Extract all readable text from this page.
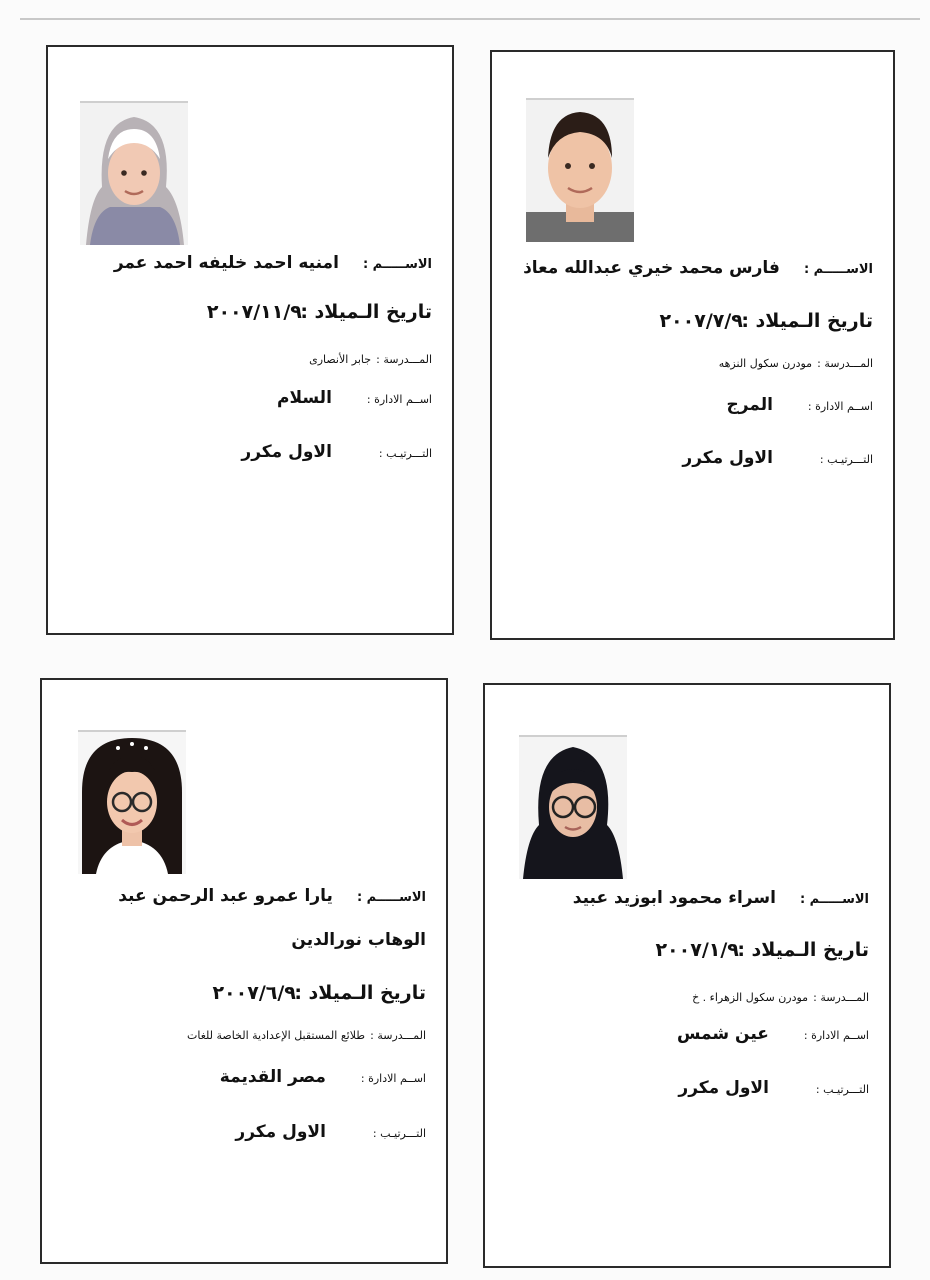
الاســـــم : فارس محمد خيري عبدالله معاذ
تاريخ الـميلاد : ٢٠٠٧/٧/٩
المـــدرسة : مودرن سكول النزهه
اســم الادارة : المرج
التـــرتيـب : الاول مكرر
الاســـــم : امنيه احمد خليفه احمد عمر
تاريخ الـميلاد : ٢٠٠٧/١١/٩
المـــدرسة : جابر الأنصارى
اســم الادارة : السلام
التـــرتيـب : الاول مكرر
الاســـــم : اسراء محمود ابوزيد عبيد
تاريخ الـميلاد : ٢٠٠٧/١/٩
المـــدرسة : مودرن سكول الزهراء . خ
اســم الادارة : عين شمس
التـــرتيـب : الاول مكرر
الاســـــم : يارا عمرو عبد الرحمن عبد
الوهاب نورالدين
تاريخ الـميلاد : ٢٠٠٧/٦/٩
المـــدرسة : طلائع المستقبل الإعدادية الخاصة للغات
اســم الادارة : مصر القديمة
التـــرتيـب : الاول مكرر
